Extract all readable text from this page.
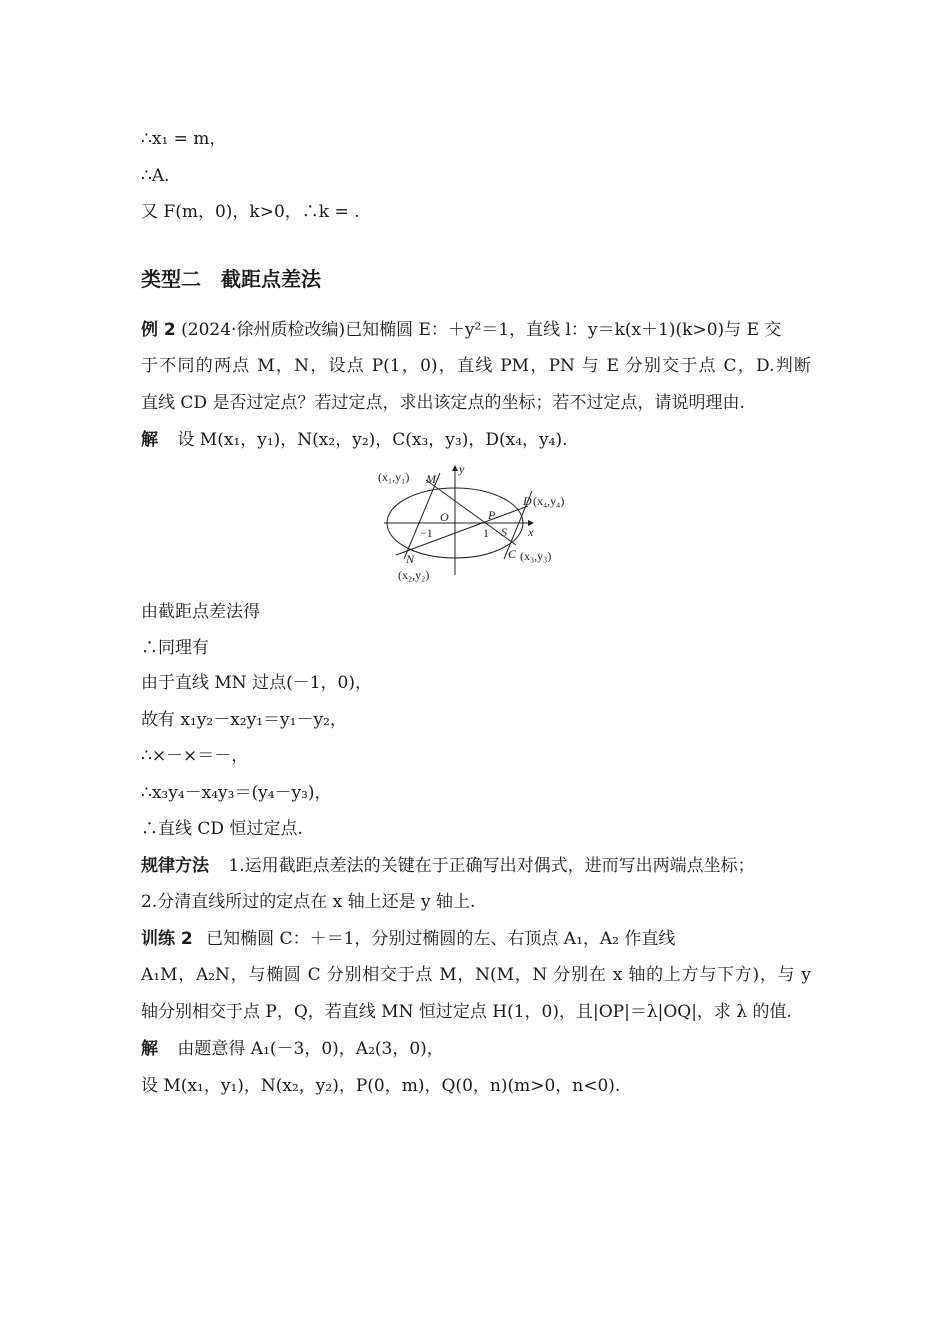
∴x₁ = m，
∴A.
又 F(m，0)，k>0，∴k = .
类型二　截距点差法
例 2 (2024·徐州质检改编)已知椭圆 E：＋y²＝1，直线 l：y＝k(x＋1)(k>0)与 E 交
于不同的两点 M，N，设点 P(1，0)，直线 PM，PN 与 E 分别交于点 C，D.判断
直线 CD 是否过定点？若过定点，求出该定点的坐标；若不过定点，请说明理由.
解 设 M(x₁，y₁)，N(x₂，y₂)，C(x₃，y₃)，D(x₄，y₄).
(x₁,y₁) M
y
D (x₄,y₄)
O	P
−1	1 S x
N	C (x₃,y₃)
(x₂,y₂)
由截距点差法得
∴同理有
由于直线 MN 过点(－1，0)，
故有 x₁y₂－x₂y₁＝y₁－y₂，
∴×－×＝－，
∴x₃y₄－x₄y₃＝(y₄－y₃)，
∴直线 CD 恒过定点.
规律方法 1.运用截距点差法的关键在于正确写出对偶式，进而写出两端点坐标；
2.分清直线所过的定点在 x 轴上还是 y 轴上.
训练 2 已知椭圆 C：＋＝1，分别过椭圆的左、右顶点 A₁，A₂ 作直线
A₁M，A₂N，与椭圆 C 分别相交于点 M，N(M，N 分别在 x 轴的上方与下方)，与 y
轴分别相交于点 P，Q，若直线 MN 恒过定点 H(1，0)，且|OP|＝λ|OQ|，求 λ 的值.
解 由题意得 A₁(－3，0)，A₂(3，0)，
设 M(x₁，y₁)，N(x₂，y₂)，P(0，m)，Q(0，n)(m>0，n<0).
